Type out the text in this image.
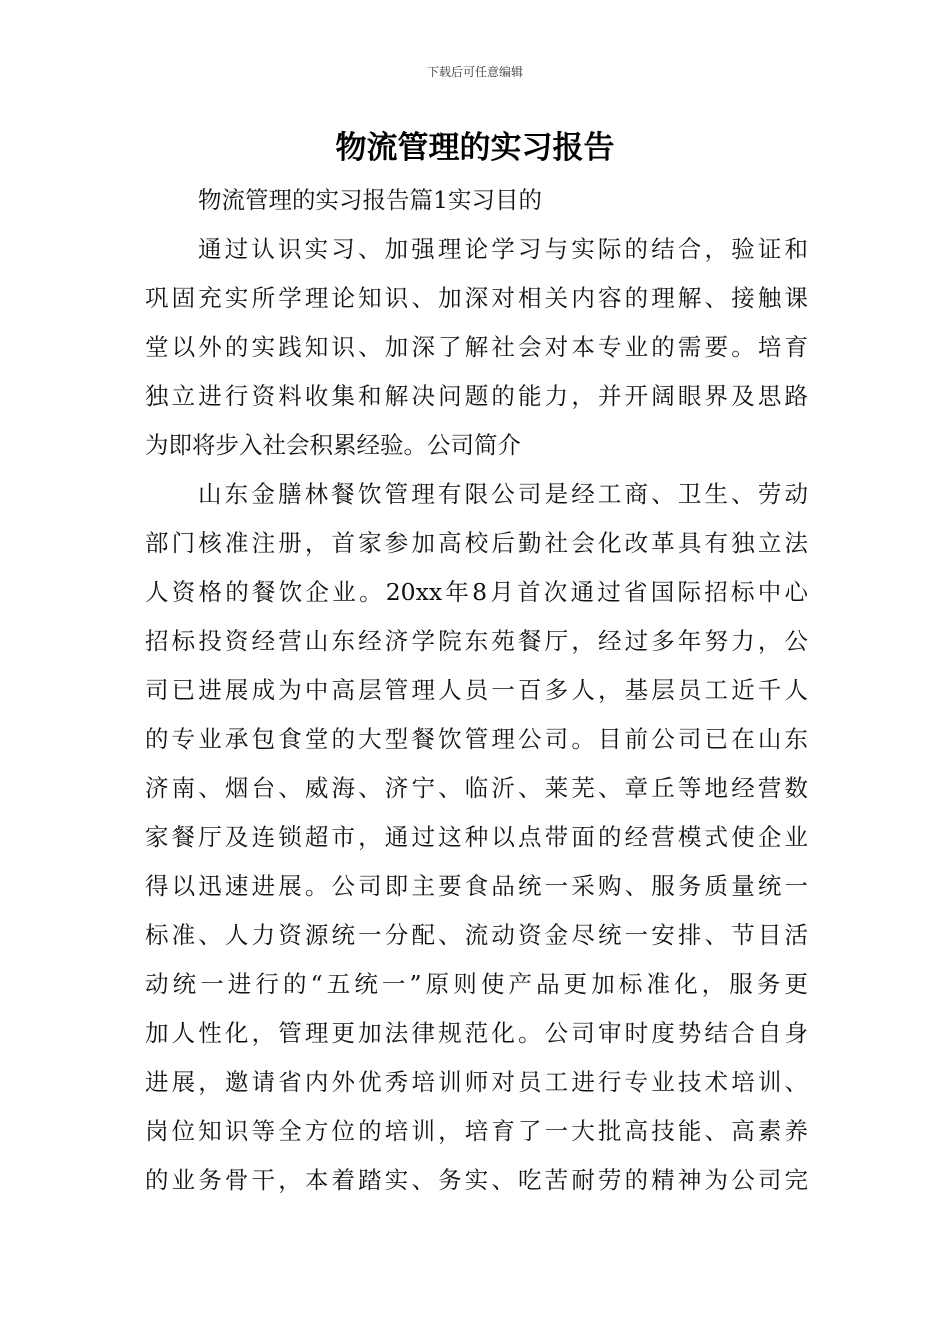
下载后可任意编辑
物流管理的实习报告
物流管理的实习报告篇1实习目的
通过认识实习、加强理论学习与实际的结合，验证和
巩固充实所学理论知识、加深对相关内容的理解、接触课
堂以外的实践知识、加深了解社会对本专业的需要。培育
独立进行资料收集和解决问题的能力，并开阔眼界及思路
为即将步入社会积累经验。公司简介
山东金膳林餐饮管理有限公司是经工商、卫生、劳动
部门核准注册，首家参加高校后勤社会化改革具有独立法
人资格的餐饮企业。20xx年8月首次通过省国际招标中心
招标投资经营山东经济学院东苑餐厅，经过多年努力，公
司已进展成为中高层管理人员一百多人，基层员工近千人
的专业承包食堂的大型餐饮管理公司。目前公司已在山东
济南、烟台、威海、济宁、临沂、莱芜、章丘等地经营数
家餐厅及连锁超市，通过这种以点带面的经营模式使企业
得以迅速进展。公司即主要食品统一采购、服务质量统一
标准、人力资源统一分配、流动资金尽统一安排、节目活
动统一进行的“五统一”原则使产品更加标准化，服务更
加人性化，管理更加法律规范化。公司审时度势结合自身
进展，邀请省内外优秀培训师对员工进行专业技术培训、
岗位知识等全方位的培训，培育了一大批高技能、高素养
的业务骨干，本着踏实、务实、吃苦耐劳的精神为公司完
